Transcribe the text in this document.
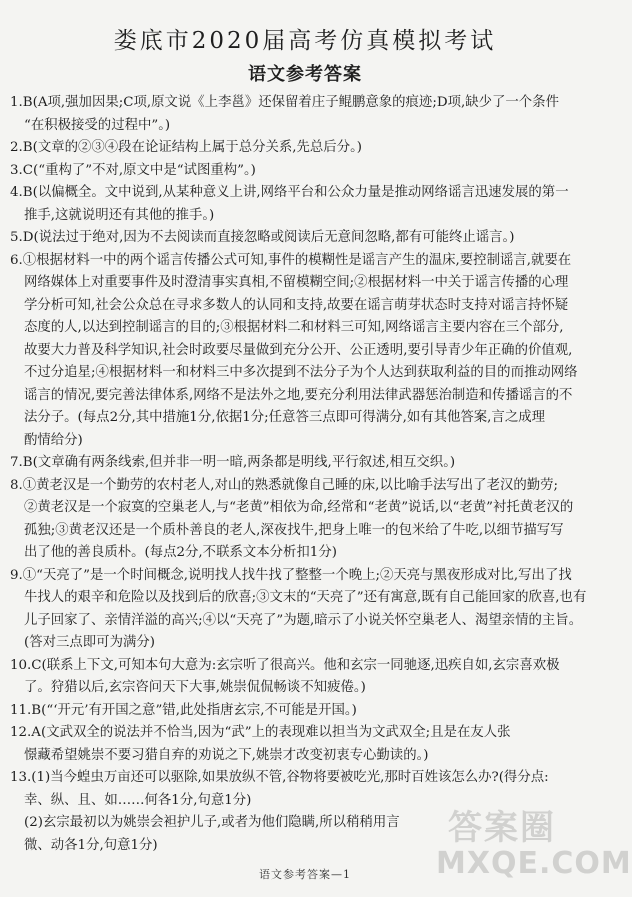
娄底市2020届高考仿真模拟考试
语文参考答案
1.B(A项,强加因果;C项,原文说《上李邕》还保留着庄子鲲鹏意象的痕迹;D项,缺少了一个条件
“在积极接受的过程中”。)
2.B(文章的②③④段在论证结构上属于总分关系,先总后分。)
3.C(“重构了”不对,原文中是“试图重构”。)
4.B(以偏概全。文中说到,从某种意义上讲,网络平台和公众力量是推动网络谣言迅速发展的第一
推手,这就说明还有其他的推手。)
5.D(说法过于绝对,因为不去阅读而直接忽略或阅读后无意间忽略,都有可能终止谣言。)
6.①根据材料一中的两个谣言传播公式可知,事件的模糊性是谣言产生的温床,要控制谣言,就要在
网络媒体上对重要事件及时澄清事实真相,不留模糊空间;②根据材料一中关于谣言传播的心理
学分析可知,社会公众总在寻求多数人的认同和支持,故要在谣言萌芽状态时支持对谣言持怀疑
态度的人,以达到控制谣言的目的;③根据材料二和材料三可知,网络谣言主要内容在三个部分,
故要大力普及科学知识,社会时政要尽量做到充分公开、公正透明,要引导青少年正确的价值观,
不过分追星;④根据材料一和材料三中多次提到不法分子为个人达到获取利益的目的而推动网络
谣言的情况,要完善法律体系,网络不是法外之地,要充分利用法律武器惩治制造和传播谣言的不
法分子。(每点2分,其中措施1分,依据1分;任意答三点即可得满分,如有其他答案,言之成理
酌情给分)
7.B(文章确有两条线索,但并非一明一暗,两条都是明线,平行叙述,相互交织。)
8.①黄老汉是一个勤劳的农村老人,对山的熟悉就像自己睡的床,以比喻手法写出了老汉的勤劳;
②黄老汉是一个寂寞的空巢老人,与“老黄”相依为命,经常和“老黄”说话,以“老黄”衬托黄老汉的
孤独;③黄老汉还是一个质朴善良的老人,深夜找牛,把身上唯一的包米给了牛吃,以细节描写写
出了他的善良质朴。(每点2分,不联系文本分析扣1分)
9.①“天亮了”是一个时间概念,说明找人找牛找了整整一个晚上;②天亮与黑夜形成对比,写出了找
牛找人的艰辛和危险以及找到后的欣喜;③文末的“天亮了”还有寓意,既有自己能回家的欣喜,也有
儿子回家了、亲情洋溢的高兴;④以“天亮了”为题,暗示了小说关怀空巢老人、渴望亲情的主旨。
(答对三点即可为满分)
10.C(联系上下文,可知本句大意为:玄宗听了很高兴。他和玄宗一同驰逐,迅疾自如,玄宗喜欢极
了。狩猎以后,玄宗咨问天下大事,姚崇侃侃畅谈不知疲倦。)
11.B(“‘开元’有开国之意”错,此处指唐玄宗,不可能是开国。)
12.A(文武双全的说法并不恰当,因为“武”上的表现难以担当为文武双全;且是在友人张
憬藏希望姚崇不要习猎自弃的劝说之下,姚崇才改变初衷专心勤读的。)
13.(1)当今蝗虫万亩还可以驱除,如果放纵不管,谷物将要被吃光,那时百姓该怎么办?(得分点:
幸、纵、且、如……何各1分,句意1分)
(2)玄宗最初以为姚崇会袒护儿子,或者为他们隐瞒,所以稍稍用言
微、动各1分,句意1分)
语文参考答案—1
答案圈
MXQE.COM
